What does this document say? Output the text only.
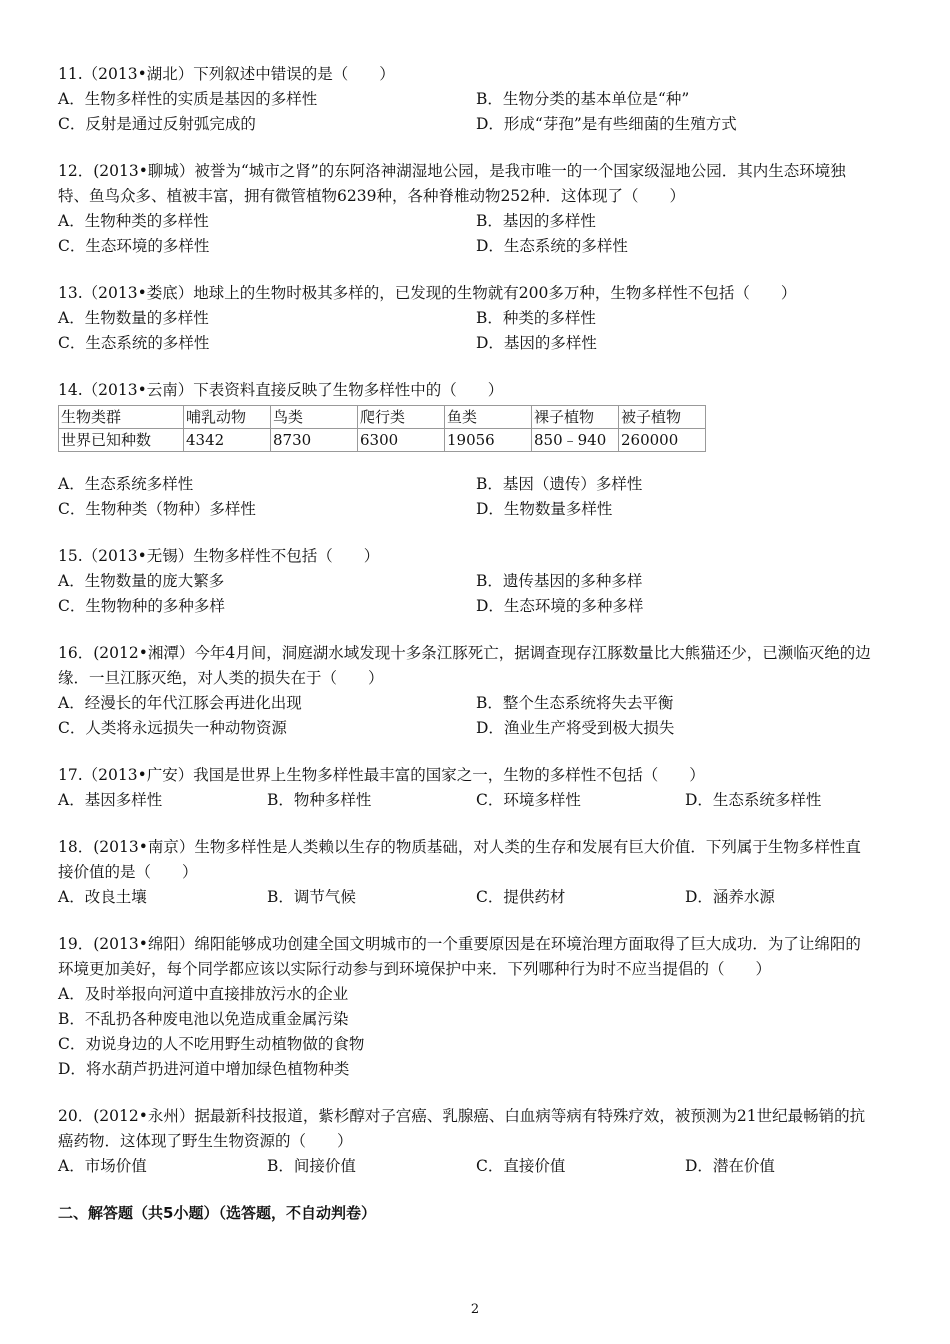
11.（2013•湖北）下列叙述中错误的是（　　）
A．生物多样性的实质是基因的多样性	B．生物分类的基本单位是“种”
C．反射是通过反射弧完成的	D．形成“芽孢”是有些细菌的生殖方式
12．(2013•聊城）被誉为“城市之肾”的东阿洛神湖湿地公园，是我市唯一的一个国家级湿地公园．其内生态环境独
特、鱼鸟众多、植被丰富，拥有微管植物6239种，各种脊椎动物252种．这体现了（　　）
A．生物种类的多样性	B．基因的多样性
C．生态环境的多样性	D．生态系统的多样性
13.（2013•娄底）地球上的生物时极其多样的，已发现的生物就有200多万种，生物多样性不包括（　　）
A．生物数量的多样性	B．种类的多样性
C．生态系统的多样性	D．基因的多样性
14.（2013•云南）下表资料直接反映了生物多样性中的（　　）
生物类群	哺乳动物	鸟类	爬行类	鱼类	裸子植物	被子植物
世界已知种数	4342	8730	6300	19056	850﹣940	260000
A．生态系统多样性	B．基因（遗传）多样性
C．生物种类（物种）多样性	D．生物数量多样性
15.（2013•无锡）生物多样性不包括（　　）
A．生物数量的庞大繁多	B．遗传基因的多种多样
C．生物物种的多种多样	D．生态环境的多种多样
16．(2012•湘潭）今年4月间，洞庭湖水域发现十多条江豚死亡，据调查现存江豚数量比大熊猫还少，已濒临灭绝的边
缘．一旦江豚灭绝，对人类的损失在于（　　）
A．经漫长的年代江豚会再进化出现	B．整个生态系统将失去平衡
C．人类将永远损失一种动物资源	D．渔业生产将受到极大损失
17.（2013•广安）我国是世界上生物多样性最丰富的国家之一，生物的多样性不包括（　　）
A．基因多样性	B．物种多样性	C．环境多样性	D．生态系统多样性
18．(2013•南京）生物多样性是人类赖以生存的物质基础，对人类的生存和发展有巨大价值．下列属于生物多样性直
接价值的是（　　）
A．改良土壤	B．调节气候	C．提供药材	D．涵养水源
19．(2013•绵阳）绵阳能够成功创建全国文明城市的一个重要原因是在环境治理方面取得了巨大成功．为了让绵阳的
环境更加美好，每个同学都应该以实际行动参与到环境保护中来．下列哪种行为时不应当提倡的（　　）
A．及时举报向河道中直接排放污水的企业
B．不乱扔各种废电池以免造成重金属污染
C．劝说身边的人不吃用野生动植物做的食物
D．将水葫芦扔进河道中增加绿色植物种类
20．(2012•永州）据最新科技报道，紫杉醇对子宫癌、乳腺癌、白血病等病有特殊疗效，被预测为21世纪最畅销的抗
癌药物．这体现了野生生物资源的（　　）
A．市场价值	B．间接价值	C．直接价值	D．潜在价值
二、解答题（共5小题）（选答题，不自动判卷）
2
